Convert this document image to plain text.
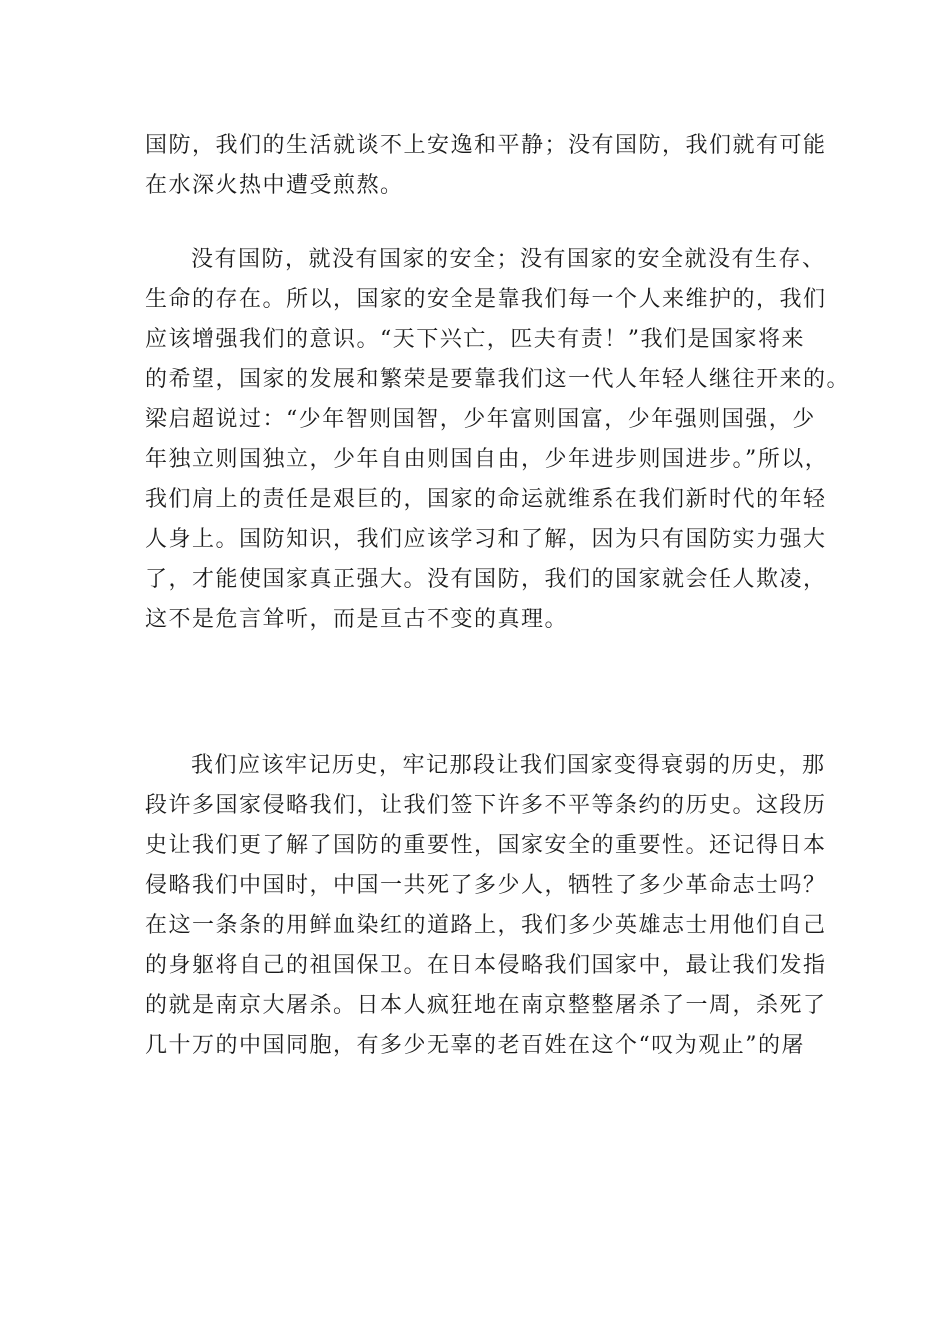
国防，我们的生活就谈不上安逸和平静；没有国防，我们就有可能
在水深火热中遭受煎熬。
没有国防，就没有国家的安全；没有国家的安全就没有生存、
生命的存在。所以，国家的安全是靠我们每一个人来维护的，我们
应该增强我们的意识。“天下兴亡，匹夫有责！”我们是国家将来
的希望，国家的发展和繁荣是要靠我们这一代人年轻人继往开来的。
梁启超说过：“少年智则国智，少年富则国富，少年强则国强，少
年独立则国独立，少年自由则国自由，少年进步则国进步。”所以，
我们肩上的责任是艰巨的，国家的命运就维系在我们新时代的年轻
人身上。国防知识，我们应该学习和了解，因为只有国防实力强大
了，才能使国家真正强大。没有国防，我们的国家就会任人欺凌，
这不是危言耸听，而是亘古不变的真理。
我们应该牢记历史，牢记那段让我们国家变得衰弱的历史，那
段许多国家侵略我们，让我们签下许多不平等条约的历史。这段历
史让我们更了解了国防的重要性，国家安全的重要性。还记得日本
侵略我们中国时，中国一共死了多少人，牺牲了多少革命志士吗？
在这一条条的用鲜血染红的道路上，我们多少英雄志士用他们自己
的身躯将自己的祖国保卫。在日本侵略我们国家中，最让我们发指
的就是南京大屠杀。日本人疯狂地在南京整整屠杀了一周，杀死了
几十万的中国同胞，有多少无辜的老百姓在这个“叹为观止”的屠
